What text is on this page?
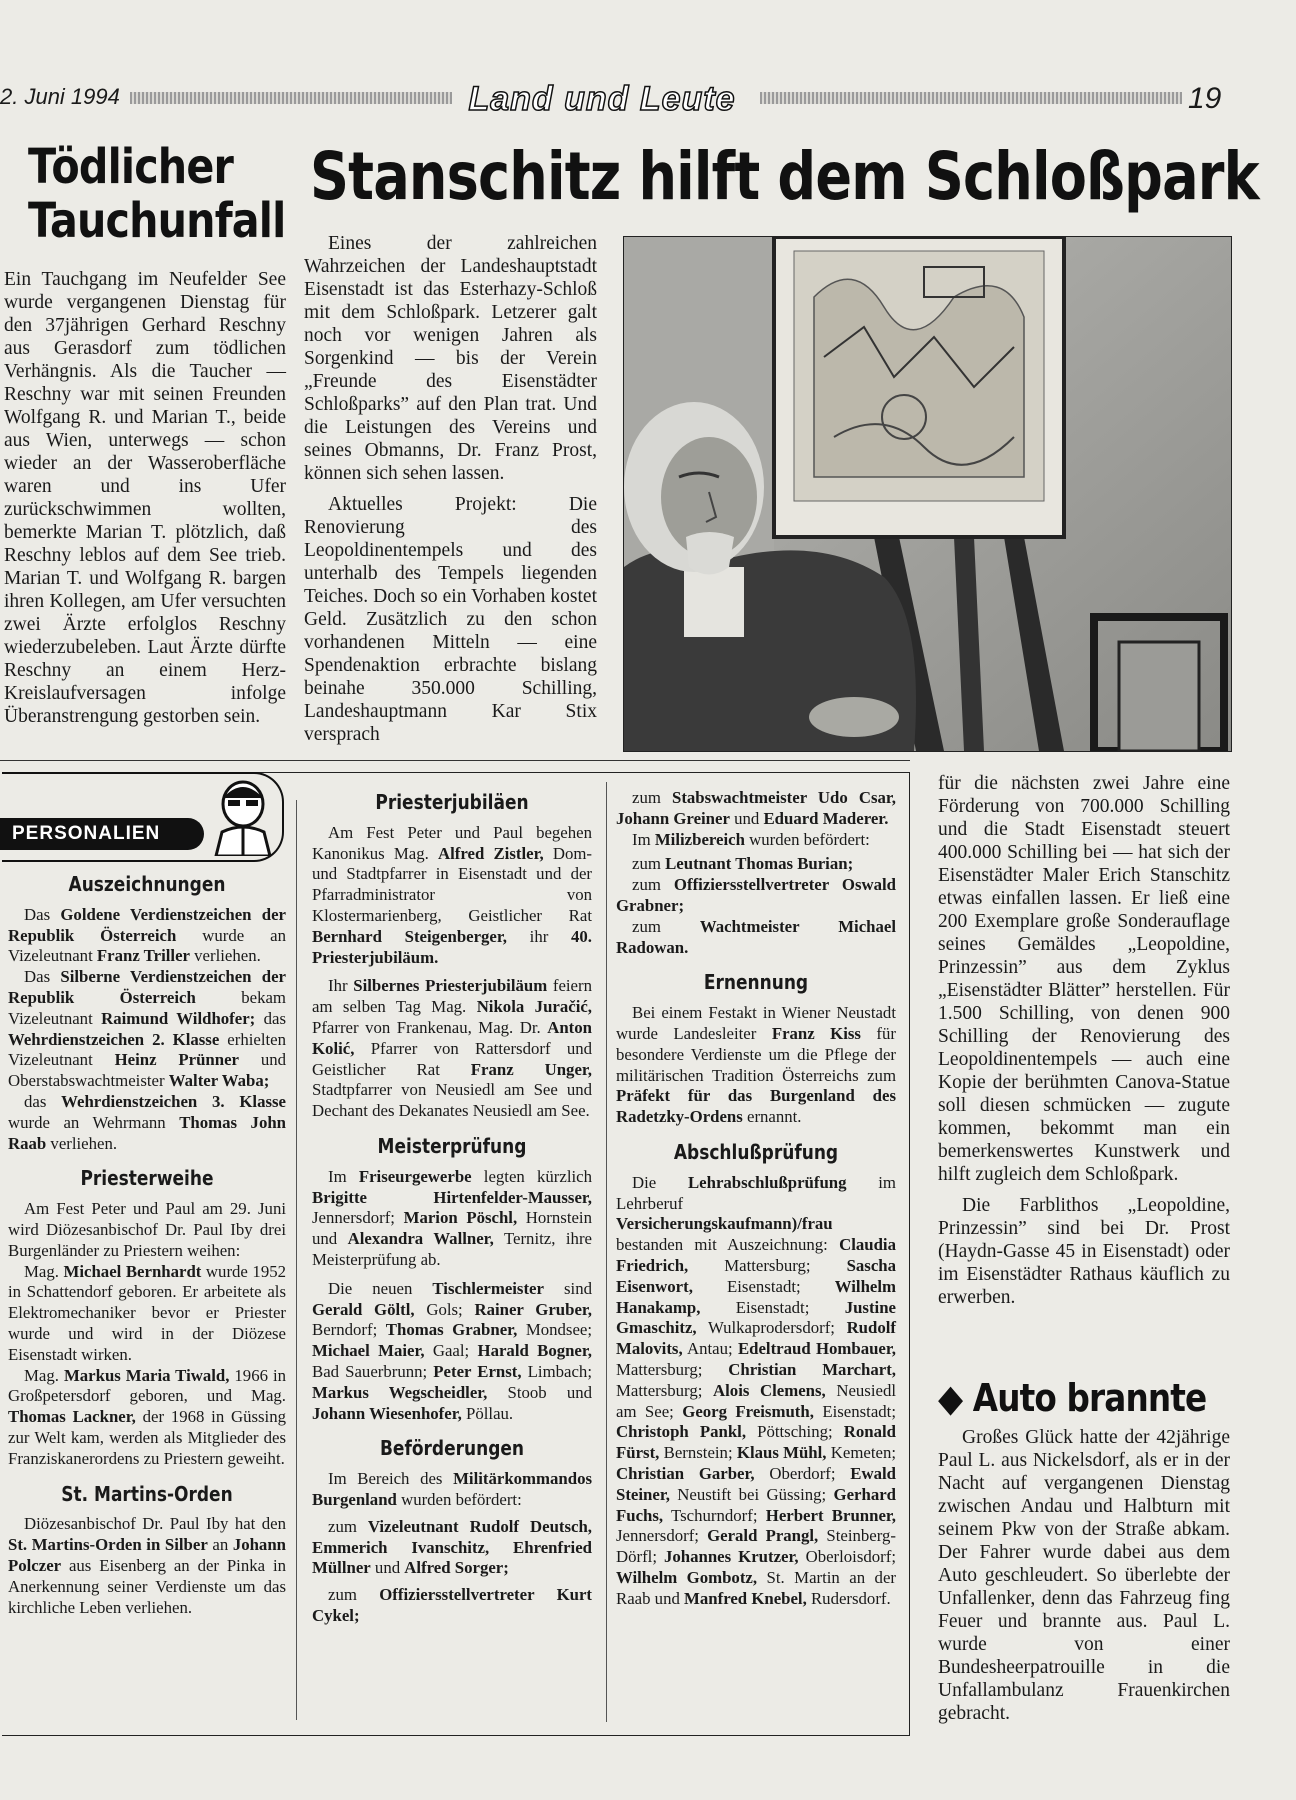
2. Juni 1994	Land und Leute	19
Tödlicher
Tauchunfall

Ein Tauchgang im Neufelder See wurde vergangenen Dienstag für den 37jährigen Gerhard Reschny aus Gerasdorf zum tödlichen Verhängnis. Als die Taucher — Reschny war mit seinen Freunden Wolfgang R. und Marian T., beide aus Wien, unterwegs — schon wieder an der Wasseroberfläche waren und ins Ufer zurückschwimmen wollten, bemerkte Marian T. plötzlich, daß Reschny leblos auf dem See trieb. Marian T. und Wolfgang R. bargen ihren Kollegen, am Ufer versuchten zwei Ärzte erfolglos Reschny wiederzubeleben. Laut Ärzte dürfte Reschny an einem Herz-Kreislaufversagen infolge Überanstrengung gestorben sein.

Stanschitz hilft dem Schloßpark

Eines der zahlreichen Wahrzeichen der Landeshauptstadt Eisenstadt ist das Esterhazy-Schloß mit dem Schloßpark. Letzerer galt noch vor wenigen Jahren als Sorgenkind — bis der Verein „Freunde des Eisenstädter Schloßparks” auf den Plan trat. Und die Leistungen des Vereins und seines Obmanns, Dr. Franz Prost, können sich sehen lassen.

Aktuelles Projekt: Die Renovierung des Leopoldinentempels und des unterhalb des Tempels liegenden Teiches. Doch so ein Vorhaben kostet Geld. Zusätzlich zu den schon vorhandenen Mitteln — eine Spendenaktion erbrachte bislang beinahe 350.000 Schilling, Landeshauptmann Kar Stix versprach

PERSONALIEN
Auszeichnungen

Das Goldene Verdienstzeichen der Republik Österreich wurde an Vizeleutnant Franz Triller verliehen.

Das Silberne Verdienstzeichen der Republik Österreich bekam Vizeleutnant Raimund Wildhofer; das Wehrdienstzeichen 2. Klasse erhielten Vizeleutnant Heinz Prünner und Oberstabswachtmeister Walter Waba;

das Wehrdienstzeichen 3. Klasse wurde an Wehrmann Thomas John Raab verliehen.

Priesterweihe

Am Fest Peter und Paul am 29. Juni wird Diözesanbischof Dr. Paul Iby drei Burgenländer zu Priestern weihen:

Mag. Michael Bernhardt wurde 1952 in Schattendorf geboren. Er arbeitete als Elektromechaniker bevor er Priester wurde und wird in der Diözese Eisenstadt wirken.

Mag. Markus Maria Tiwald, 1966 in Großpetersdorf geboren, und Mag. Thomas Lackner, der 1968 in Güssing zur Welt kam, werden als Mitglieder des Franziskanerordens zu Priestern geweiht.

St. Martins-Orden

Diözesanbischof Dr. Paul Iby hat den St. Martins-Orden in Silber an Johann Polczer aus Eisenberg an der Pinka in Anerkennung seiner Verdienste um das kirchliche Leben verliehen.

Priesterjubiläen

Am Fest Peter und Paul begehen Kanonikus Mag. Alfred Zistler, Dom- und Stadtpfarrer in Eisenstadt und der Pfarradministrator von Klostermarienberg, Geistlicher Rat Bernhard Steigenberger, ihr 40. Priesterjubiläum.

Ihr Silbernes Priesterjubiläum feiern am selben Tag Mag. Nikola Juračić, Pfarrer von Frankenau, Mag. Dr. Anton Kolić, Pfarrer von Rattersdorf und Geistlicher Rat Franz Unger, Stadtpfarrer von Neusiedl am See und Dechant des Dekanates Neusiedl am See.

Meisterprüfung

Im Friseurgewerbe legten kürzlich Brigitte Hirtenfelder-Mausser, Jennersdorf; Marion Pöschl, Hornstein und Alexandra Wallner, Ternitz, ihre Meisterprüfung ab.

Die neuen Tischlermeister sind Gerald Göltl, Gols; Rainer Gruber, Berndorf; Thomas Grabner, Mondsee; Michael Maier, Gaal; Harald Bogner, Bad Sauerbrunn; Peter Ernst, Limbach; Markus Wegscheidler, Stoob und Johann Wiesenhofer, Pöllau.

Beförderungen

Im Bereich des Militärkommandos Burgenland wurden befördert:

zum Vizeleutnant Rudolf Deutsch, Emmerich Ivanschitz, Ehrenfried Müllner und Alfred Sorger;

zum Offiziersstellvertreter Kurt Cykel;

zum Stabswachtmeister Udo Csar, Johann Greiner und Eduard Maderer.

Im Milizbereich wurden befördert:

zum Leutnant Thomas Burian;

zum Offiziersstellvertreter Oswald Grabner;

zum Wachtmeister Michael Radowan.

Ernennung

Bei einem Festakt in Wiener Neustadt wurde Landesleiter Franz Kiss für besondere Verdienste um die Pflege der militärischen Tradition Österreichs zum Präfekt für das Burgenland des Radetzky-Ordens ernannt.

Abschlußprüfung

Die Lehrabschlußprüfung im Lehrberuf Versicherungskaufmann)/frau bestanden mit Auszeichnung: Claudia Friedrich, Mattersburg; Sascha Eisenwort, Eisenstadt; Wilhelm Hanakamp, Eisenstadt; Justine Gmaschitz, Wulkaprodersdorf; Rudolf Malovits, Antau; Edeltraud Hombauer, Mattersburg; Christian Marchart, Mattersburg; Alois Clemens, Neusiedl am See; Georg Freismuth, Eisenstadt; Christoph Pankl, Pöttsching; Ronald Fürst, Bernstein; Klaus Mühl, Kemeten; Christian Garber, Oberdorf; Ewald Steiner, Neustift bei Güssing; Gerhard Fuchs, Tschurndorf; Herbert Brunner, Jennersdorf; Gerald Prangl, Steinberg-Dörfl; Johannes Krutzer, Oberloisdorf; Wilhelm Gombotz, St. Martin an der Raab und Manfred Knebel, Rudersdorf.

für die nächsten zwei Jahre eine Förderung von 700.000 Schilling und die Stadt Eisenstadt steuert 400.000 Schilling bei — hat sich der Eisenstädter Maler Erich Stanschitz etwas einfallen lassen. Er ließ eine 200 Exemplare große Sonderauflage seines Gemäldes „Leopoldine, Prinzessin” aus dem Zyklus „Eisenstädter Blätter” herstellen. Für 1.500 Schilling, von denen 900 Schilling der Renovierung des Leopoldinentempels — auch eine Kopie der berühmten Canova-Statue soll diesen schmücken — zugute kommen, bekommt man ein bemerkenswertes Kunstwerk und hilft zugleich dem Schloßpark.

Die Farblithos „Leopoldine, Prinzessin” sind bei Dr. Prost (Haydn-Gasse 45 in Eisenstadt) oder im Eisenstädter Rathaus käuflich zu erwerben.

◆ Auto brannte

Großes Glück hatte der 42jährige Paul L. aus Nickelsdorf, als er in der Nacht auf vergangenen Dienstag zwischen Andau und Halbturn mit seinem Pkw von der Straße abkam. Der Fahrer wurde dabei aus dem Auto geschleudert. So überlebte der Unfallenker, denn das Fahrzeug fing Feuer und brannte aus. Paul L. wurde von einer Bundesheerpatrouille in die Unfallambulanz Frauenkirchen gebracht.
